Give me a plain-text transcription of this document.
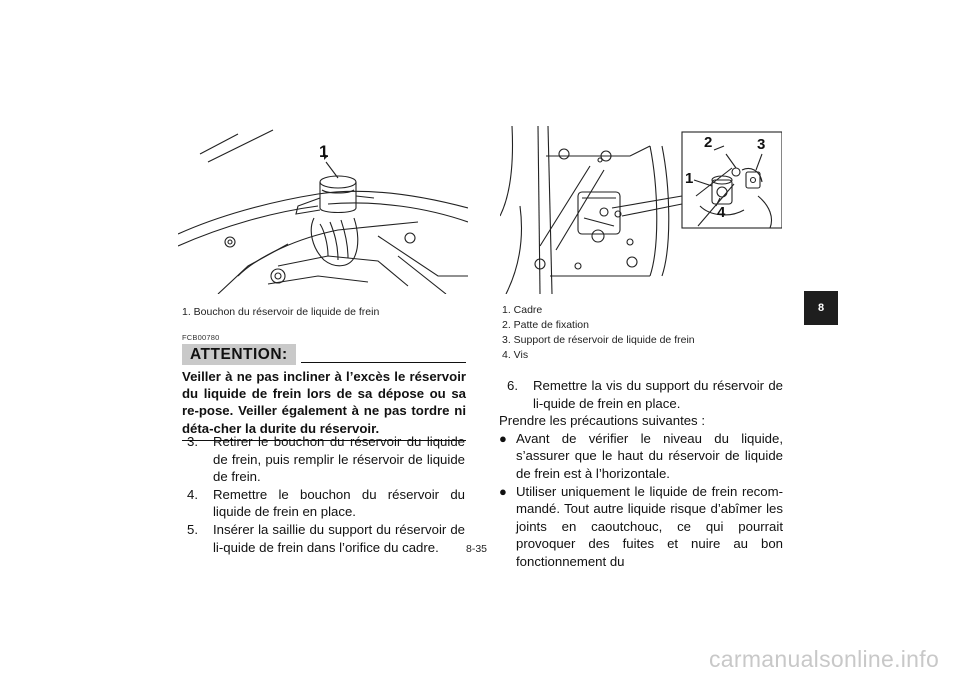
1
1. Bouchon du réservoir de liquide de frein
FCB00780
ATTENTION:
Veiller à ne pas incliner à l’excès le réservoir du liquide de frein lors de sa dépose ou sa re-pose. Veiller également à ne pas tordre ni déta-cher la durite du réservoir.
3. Retirer le bouchon du réservoir du liquide de frein, puis remplir le réservoir de liquide de frein.
4. Remettre le bouchon du réservoir du liquide de frein en place.
5. Insérer la saillie du support du réservoir de li-quide de frein dans l’orifice du cadre.
2	3
1
4
1. Cadre
2. Patte de fixation
3. Support de réservoir de liquide de frein
4. Vis
6. Remettre la vis du support du réservoir de li-quide de frein en place.
Prendre les précautions suivantes :
● Avant de vérifier le niveau du liquide, s’assurer que le haut du réservoir de liquide de frein est à l’horizontale.
● Utiliser uniquement le liquide de frein recom-mandé. Tout autre liquide risque d’abîmer les joints en caoutchouc, ce qui pourrait provoquer des fuites et nuire au bon fonctionnement du
8
8-35
carmanualsonline.info
